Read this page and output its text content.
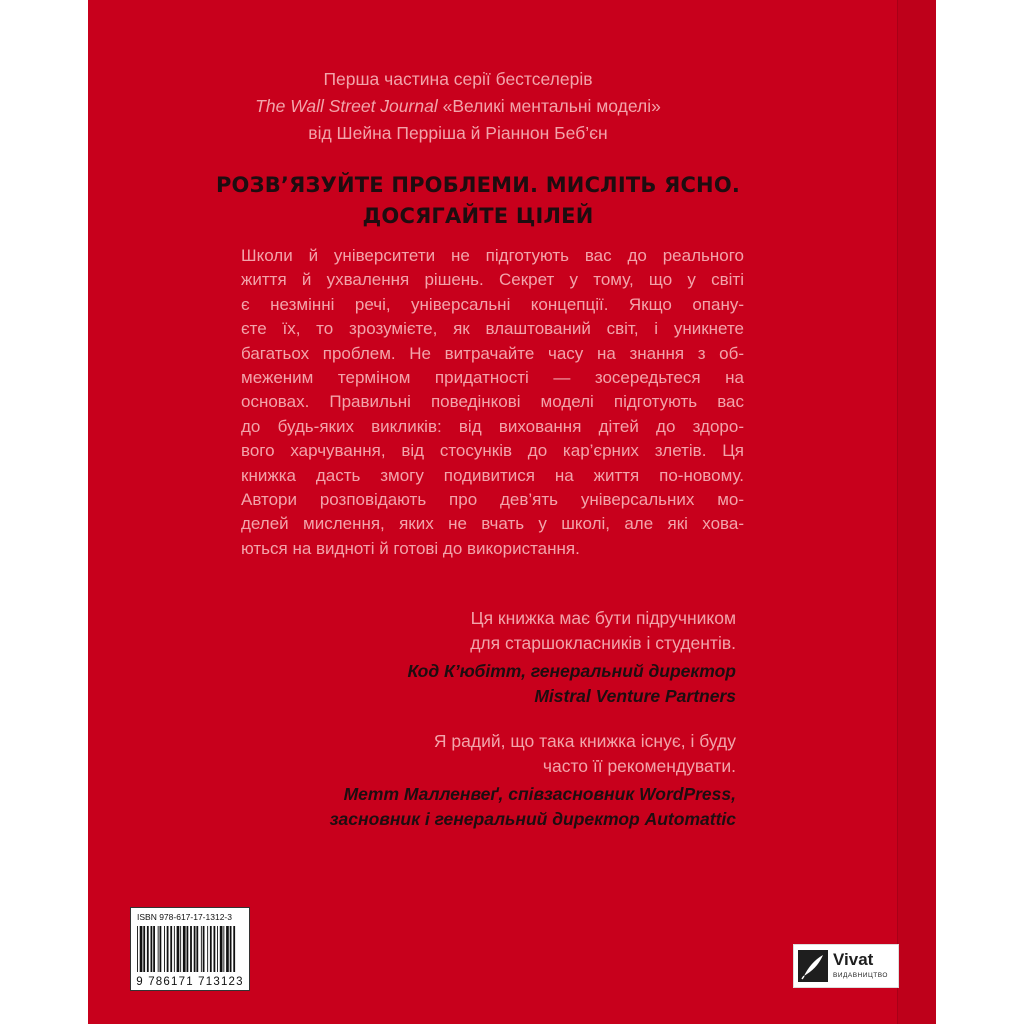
Перша частина серії бестселерів
The Wall Street Journal «Великі ментальні моделі»
від Шейна Перріша й Ріаннон Беб’єн
РОЗВ’ЯЗУЙТЕ ПРОБЛЕМИ. МИСЛІТЬ ЯСНО.
ДОСЯГАЙТЕ ЦІЛЕЙ
Школи й університети не підготують вас до реального
життя й ухвалення рішень. Секрет у тому, що у світі
є незмінні речі, універсальні концепції. Якщо опану-
єте їх, то зрозумієте, як влаштований світ, і уникнете
багатьох проблем. Не витрачайте часу на знання з об-
меженим терміном придатності — зосередьтеся на
основах. Правильні поведінкові моделі підготують вас
до будь-яких викликів: від виховання дітей до здоро-
вого харчування, від стосунків до кар’єрних злетів. Ця
книжка дасть змогу подивитися на життя по-новому.
Автори розповідають про дев’ять універсальних мо-
делей мислення, яких не вчать у школі, але які хова-
ються на видноті й готові до використання.
Ця книжка має бути підручником
для старшокласників і студентів.
Код К’юбітт, генеральний директор
Mistral Venture Partners
Я радий, що така книжка існує, і буду
часто її рекомендувати.
Метт Малленвеґ, співзасновник WordPress,
засновник і генеральний директор Automattic
ISBN 978-617-17-1312-3
9 786171 713123
Vivat
ВИДАВНИЦТВО
